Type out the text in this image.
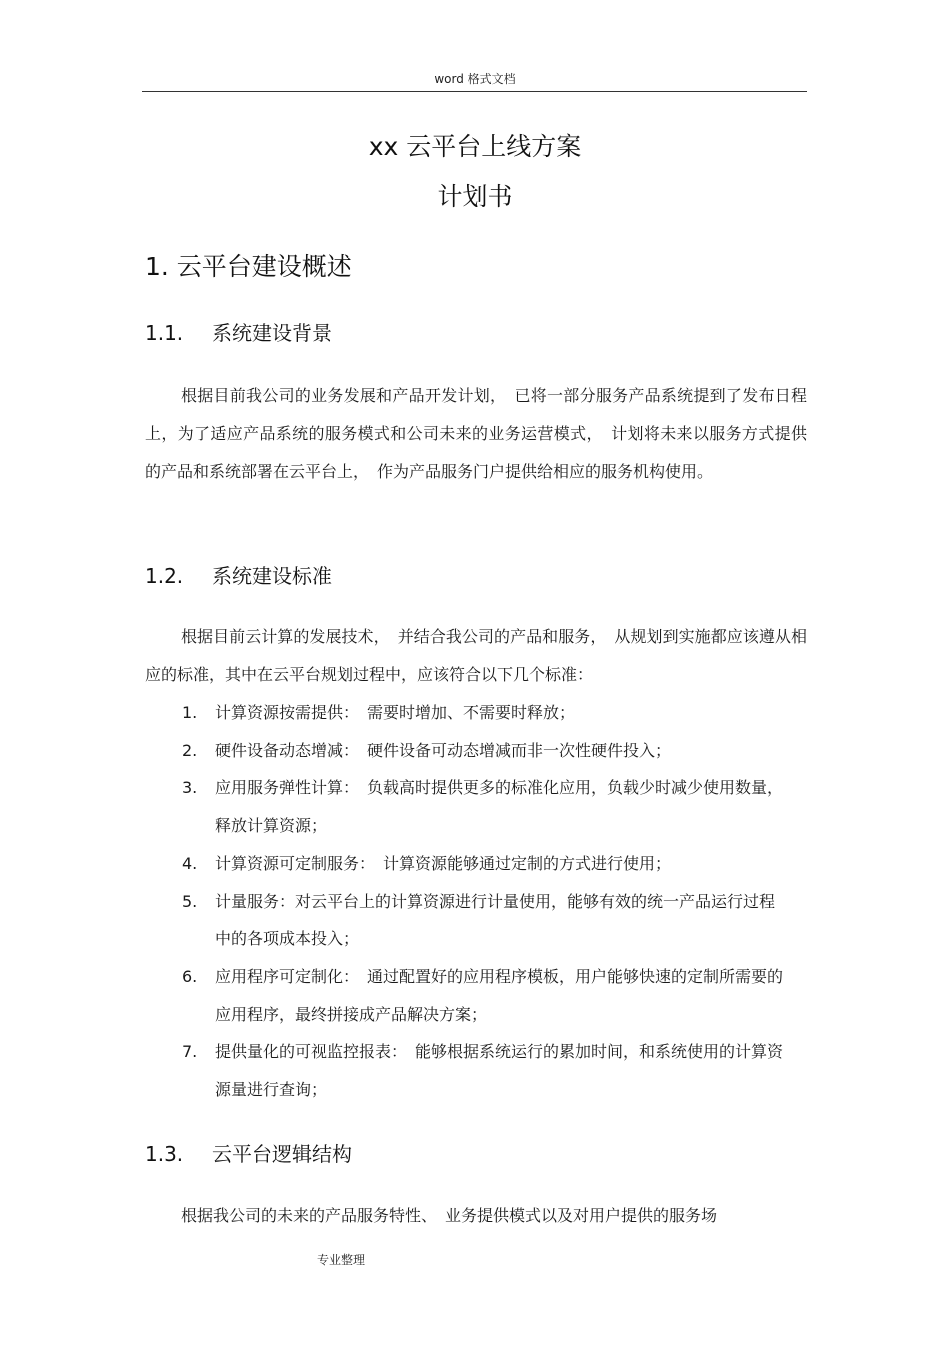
word 格式文档
xx 云平台上线方案
计划书
1. 云平台建设概述
1.1. 系统建设背景

根据目前我公司的业务发展和产品开发计划，　已将一部分服务产品系统提到了发布日程上，为了适应产品系统的服务模式和公司未来的业务运营模式，　计划将未来以服务方式提供的产品和系统部署在云平台上，　作为产品服务门户提供给相应的服务机构使用。

1.2. 系统建设标准

根据目前云计算的发展技术，　并结合我公司的产品和服务，　从规划到实施都应该遵从相应的标准，其中在云平台规划过程中，应该符合以下几个标准：

1. 计算资源按需提供：　需要时增加、不需要时释放；
2. 硬件设备动态增减：　硬件设备可动态增减而非一次性硬件投入；
3. 应用服务弹性计算：　负载高时提供更多的标准化应用，负载少时减少使用数量，释放计算资源；
4. 计算资源可定制服务：　计算资源能够通过定制的方式进行使用；
5. 计量服务：对云平台上的计算资源进行计量使用，能够有效的统一产品运行过程中的各项成本投入；
6. 应用程序可定制化：　通过配置好的应用程序模板，用户能够快速的定制所需要的应用程序，最终拼接成产品解决方案；
7. 提供量化的可视监控报表：　能够根据系统运行的累加时间，和系统使用的计算资源量进行查询；
1.3. 云平台逻辑结构

根据我公司的未来的产品服务特性、　业务提供模式以及对用户提供的服务场

专业整理
